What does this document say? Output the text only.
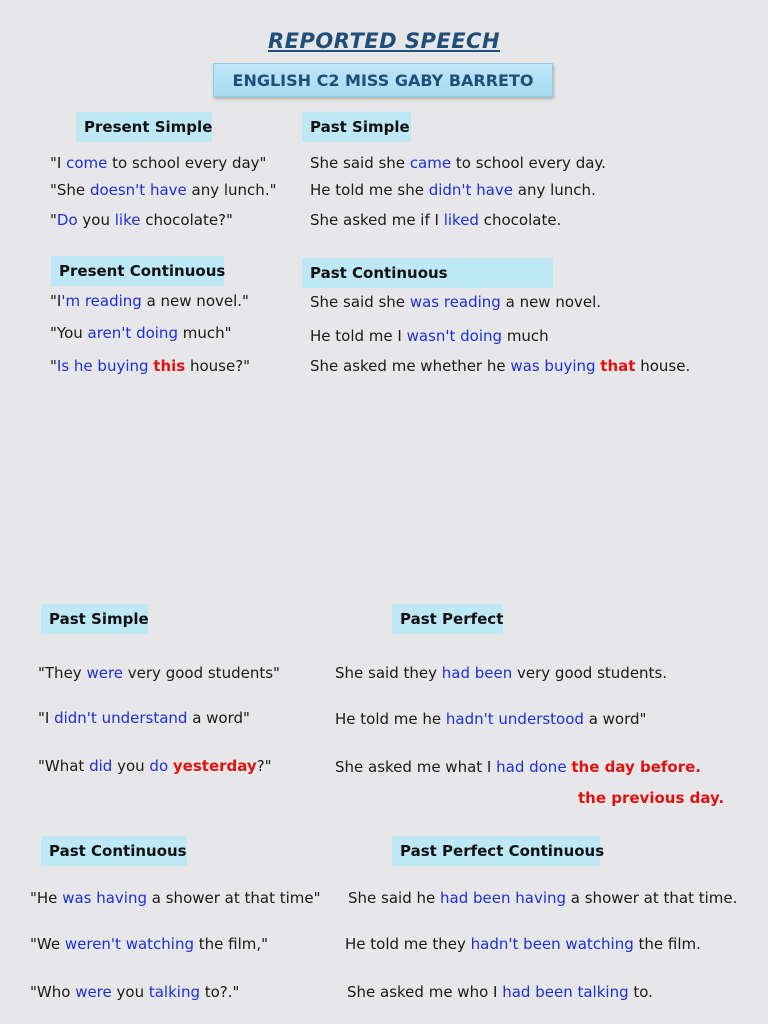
REPORTED SPEECH
ENGLISH C2 MISS GABY BARRETO
Present Simple	Past Simple
"I come to school every day"	She said she came to school every day.
"She doesn't have any lunch." He told me she didn't have any lunch.
"Do you like chocolate?"	She asked me if I liked chocolate.
Present Continuous	Past Continuous
"I'm reading a new novel."	She said she was reading a new novel.
"You aren't doing much"	He told me I wasn't doing much
"Is he buying this house?"	She asked me whether he was buying that house.
Past Simple	Past Perfect
"They were very good students"	She said they had been very good students.
"I didn't understand a word"	He told me he hadn't understood a word"
"What did you do yesterday?"	She asked me what I had done the day before.
the previous day.
Past Continuous	Past Perfect Continuous
"He was having a shower at that time" She said he had been having a shower at that time.
"We weren't watching the film,"	He told me they hadn't been watching the film.
"Who were you talking to?."	She asked me who I had been talking to.
